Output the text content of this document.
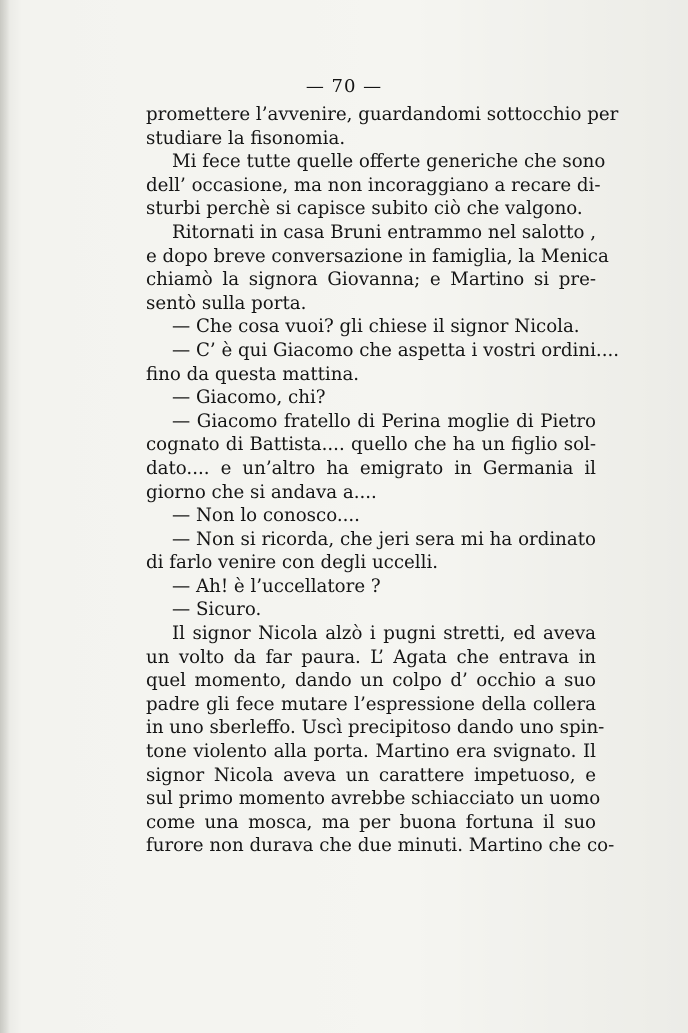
— 70 —
promettere l’avvenire, guardandomi sottocchio per
studiare la fisonomia.
Mi fece tutte quelle offerte generiche che sono
dell’ occasione, ma non incoraggiano a recare di-
sturbi perchè si capisce subito ciò che valgono.
Ritornati in casa Bruni entrammo nel salotto ,
e dopo breve conversazione in famiglia, la Menica
chiamò la signora Giovanna; e Martino si pre-
sentò sulla porta.
— Che cosa vuoi? gli chiese il signor Nicola.
— C’ è qui Giacomo che aspetta i vostri ordini....
fino da questa mattina.
— Giacomo, chi?
— Giacomo fratello di Perina moglie di Pietro
cognato di Battista.... quello che ha un figlio sol-
dato.... e un’altro ha emigrato in Germania il
giorno che si andava a....
— Non lo conosco....
— Non si ricorda, che jeri sera mi ha ordinato
di farlo venire con degli uccelli.
— Ah! è l’uccellatore ?
— Sicuro.
Il signor Nicola alzò i pugni stretti, ed aveva
un volto da far paura. L’ Agata che entrava in
quel momento, dando un colpo d’ occhio a suo
padre gli fece mutare l’espressione della collera
in uno sberleffo. Uscì precipitoso dando uno spin-
tone violento alla porta. Martino era svignato. Il
signor Nicola aveva un carattere impetuoso, e
sul primo momento avrebbe schiacciato un uomo
come una mosca, ma per buona fortuna il suo
furore non durava che due minuti. Martino che co-
